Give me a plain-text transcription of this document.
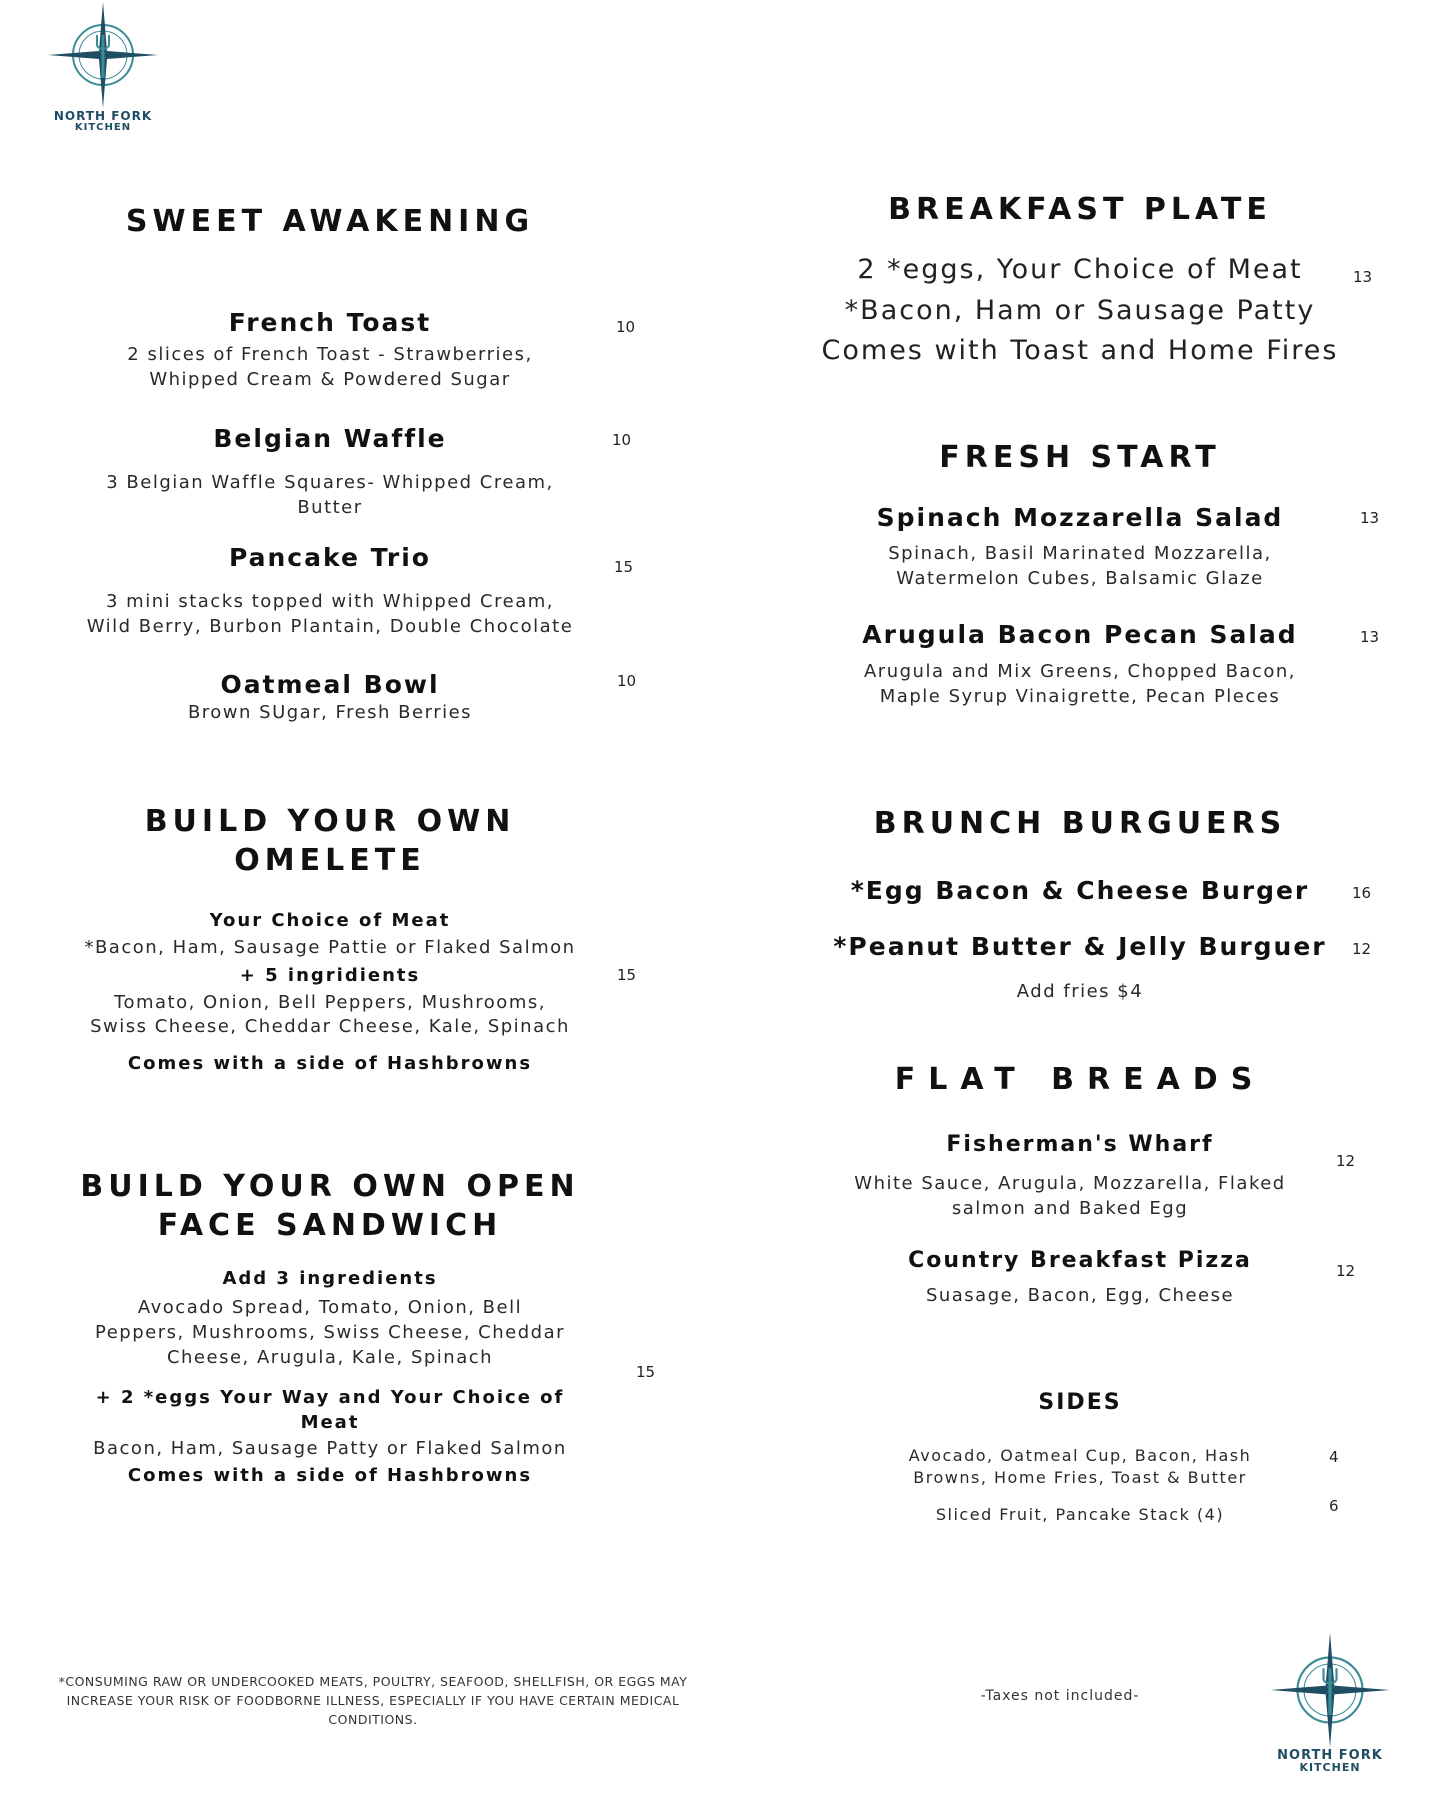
NORTH FORK
KITCHEN
SWEET AWAKENING
French Toast	10
2 slices of French Toast - Strawberries, Whipped Cream & Powdered Sugar
Belgian Waffle	10
3 Belgian Waffle Squares- Whipped Cream, Butter
Pancake Trio	15
3 mini stacks topped with Whipped Cream, Wild Berry, Burbon Plantain, Double Chocolate
Oatmeal Bowl	10
Brown SUgar, Fresh Berries
BREAKFAST PLATE
2 *eggs, Your Choice of Meat
*Bacon, Ham or Sausage Patty
Comes with Toast and Home Fires
13
FRESH START
Spinach Mozzarella Salad	13
Spinach, Basil Marinated Mozzarella, Watermelon Cubes, Balsamic Glaze
Arugula Bacon Pecan Salad	13
Arugula and Mix Greens, Chopped Bacon, Maple Syrup Vinaigrette, Pecan Pleces
BUILD YOUR OWN
OMELETE
Your Choice of Meat
*Bacon, Ham, Sausage Pattie or Flaked Salmon
+ 5 ingridients
Tomato, Onion, Bell Peppers, Mushrooms,
Swiss Cheese, Cheddar Cheese, Kale, Spinach
Comes with a side of Hashbrowns
15
BRUNCH BURGUERS
*Egg Bacon & Cheese Burger	16
*Peanut Butter & Jelly Burguer	12
Add fries $4
BUILD YOUR OWN OPEN
FACE SANDWICH
Add 3 ingredients
Avocado Spread, Tomato, Onion, Bell Peppers, Mushrooms, Swiss Cheese, Cheddar Cheese, Arugula, Kale, Spinach
+ 2 *eggs Your Way and Your Choice of Meat
Bacon, Ham, Sausage Patty or Flaked Salmon
Comes with a side of Hashbrowns
15
FLAT BREADS
Fisherman's Wharf
12
White Sauce, Arugula, Mozzarella, Flaked salmon and Baked Egg
Country Breakfast Pizza	12
Suasage, Bacon, Egg, Cheese
SIDES
Avocado, Oatmeal Cup, Bacon, Hash Browns, Home Fries, Toast & Butter
4
Sliced Fruit, Pancake Stack (4)	6
*CONSUMING RAW OR UNDERCOOKED MEATS, POULTRY, SEAFOOD, SHELLFISH, OR EGGS MAY INCREASE YOUR RISK OF FOODBORNE ILLNESS, ESPECIALLY IF YOU HAVE CERTAIN MEDICAL CONDITIONS.
-Taxes not included-
NORTH FORK
KITCHEN
